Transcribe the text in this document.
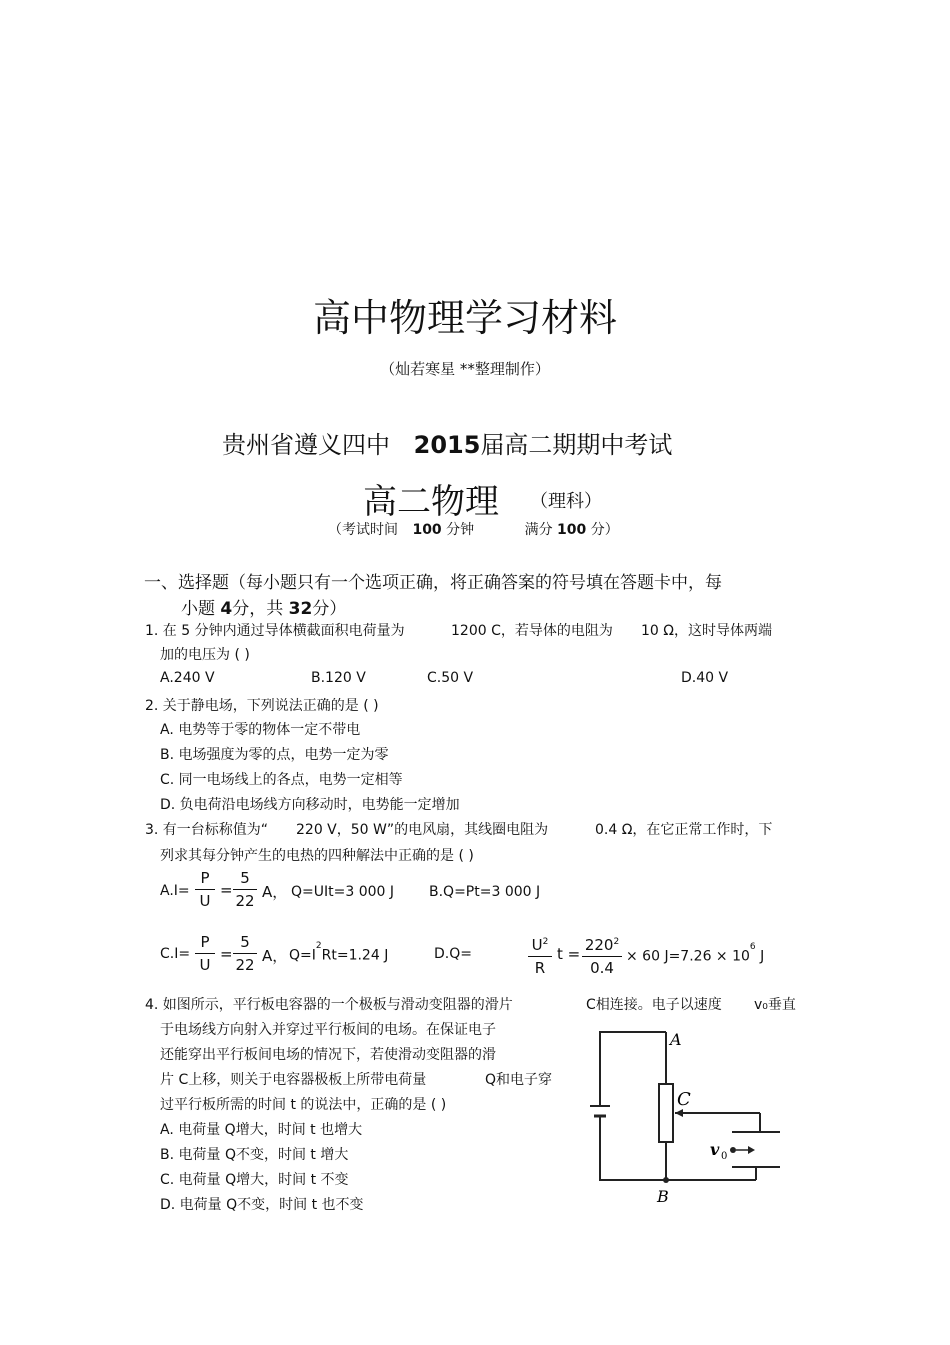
高中物理学习材料
（灿若寒星 **整理制作）
贵州省遵义四中 2015届高二期期中考试
高二物理 （理科）
（考试时间 100 分钟	满分 100 分）
一、选择题（每小题只有一个选项正确，将正确答案的符号填在答题卡中，每
小题 4分，共 32分）
1. 在 5 分钟内通过导体横截面积电荷量为	1200 C，若导体的电阻为 10 Ω，这时导体两端
加的电压为 ( )
A.240 V	B.120 V	C.50 V	D.40 V
2. 关于静电场，下列说法正确的是 ( )
A. 电势等于零的物体一定不带电
B. 电场强度为零的点，电势一定为零
C. 同一电场线上的各点，电势一定相等
D. 负电荷沿电场线方向移动时，电势能一定增加
3. 有一台标称值为“ 220 V，50 W”的电风扇，其线圈电阻为	0.4 Ω，在它正常工作时，下
列求其每分钟产生的电热的四种解法中正确的是 ( )
A.I=
P
U
=
5
22 A， Q=UIt=3 000 J B.Q=Pt=3 000 J
C.I=
P
U
=
5
22 A， $Q=I^2Rt=1.24$ J	D.Q=	$U^2$
R
$t = 220^2$
0.4
× 60 $J=7.26 \times 10^6$ J
4. 如图所示，平行板电容器的一个极板与滑动变阻器的滑片	C相连接。电子以速度 v₀垂直
于电场线方向射入并穿过平行板间的电场。在保证电子
还能穿出平行板间电场的情况下，若使滑动变阻器的滑
片 C上移，则关于电容器极板上所带电荷量	Q和电子穿
过平行板所需的时间 t 的说法中，正确的是 ( )
A. 电荷量 Q增大，时间 t 也增大
B. 电荷量 Q不变，时间 t 增大
C. 电荷量 Q增大，时间 t 不变
D. 电荷量 Q不变，时间 t 也不变
A
C
B
v 0
